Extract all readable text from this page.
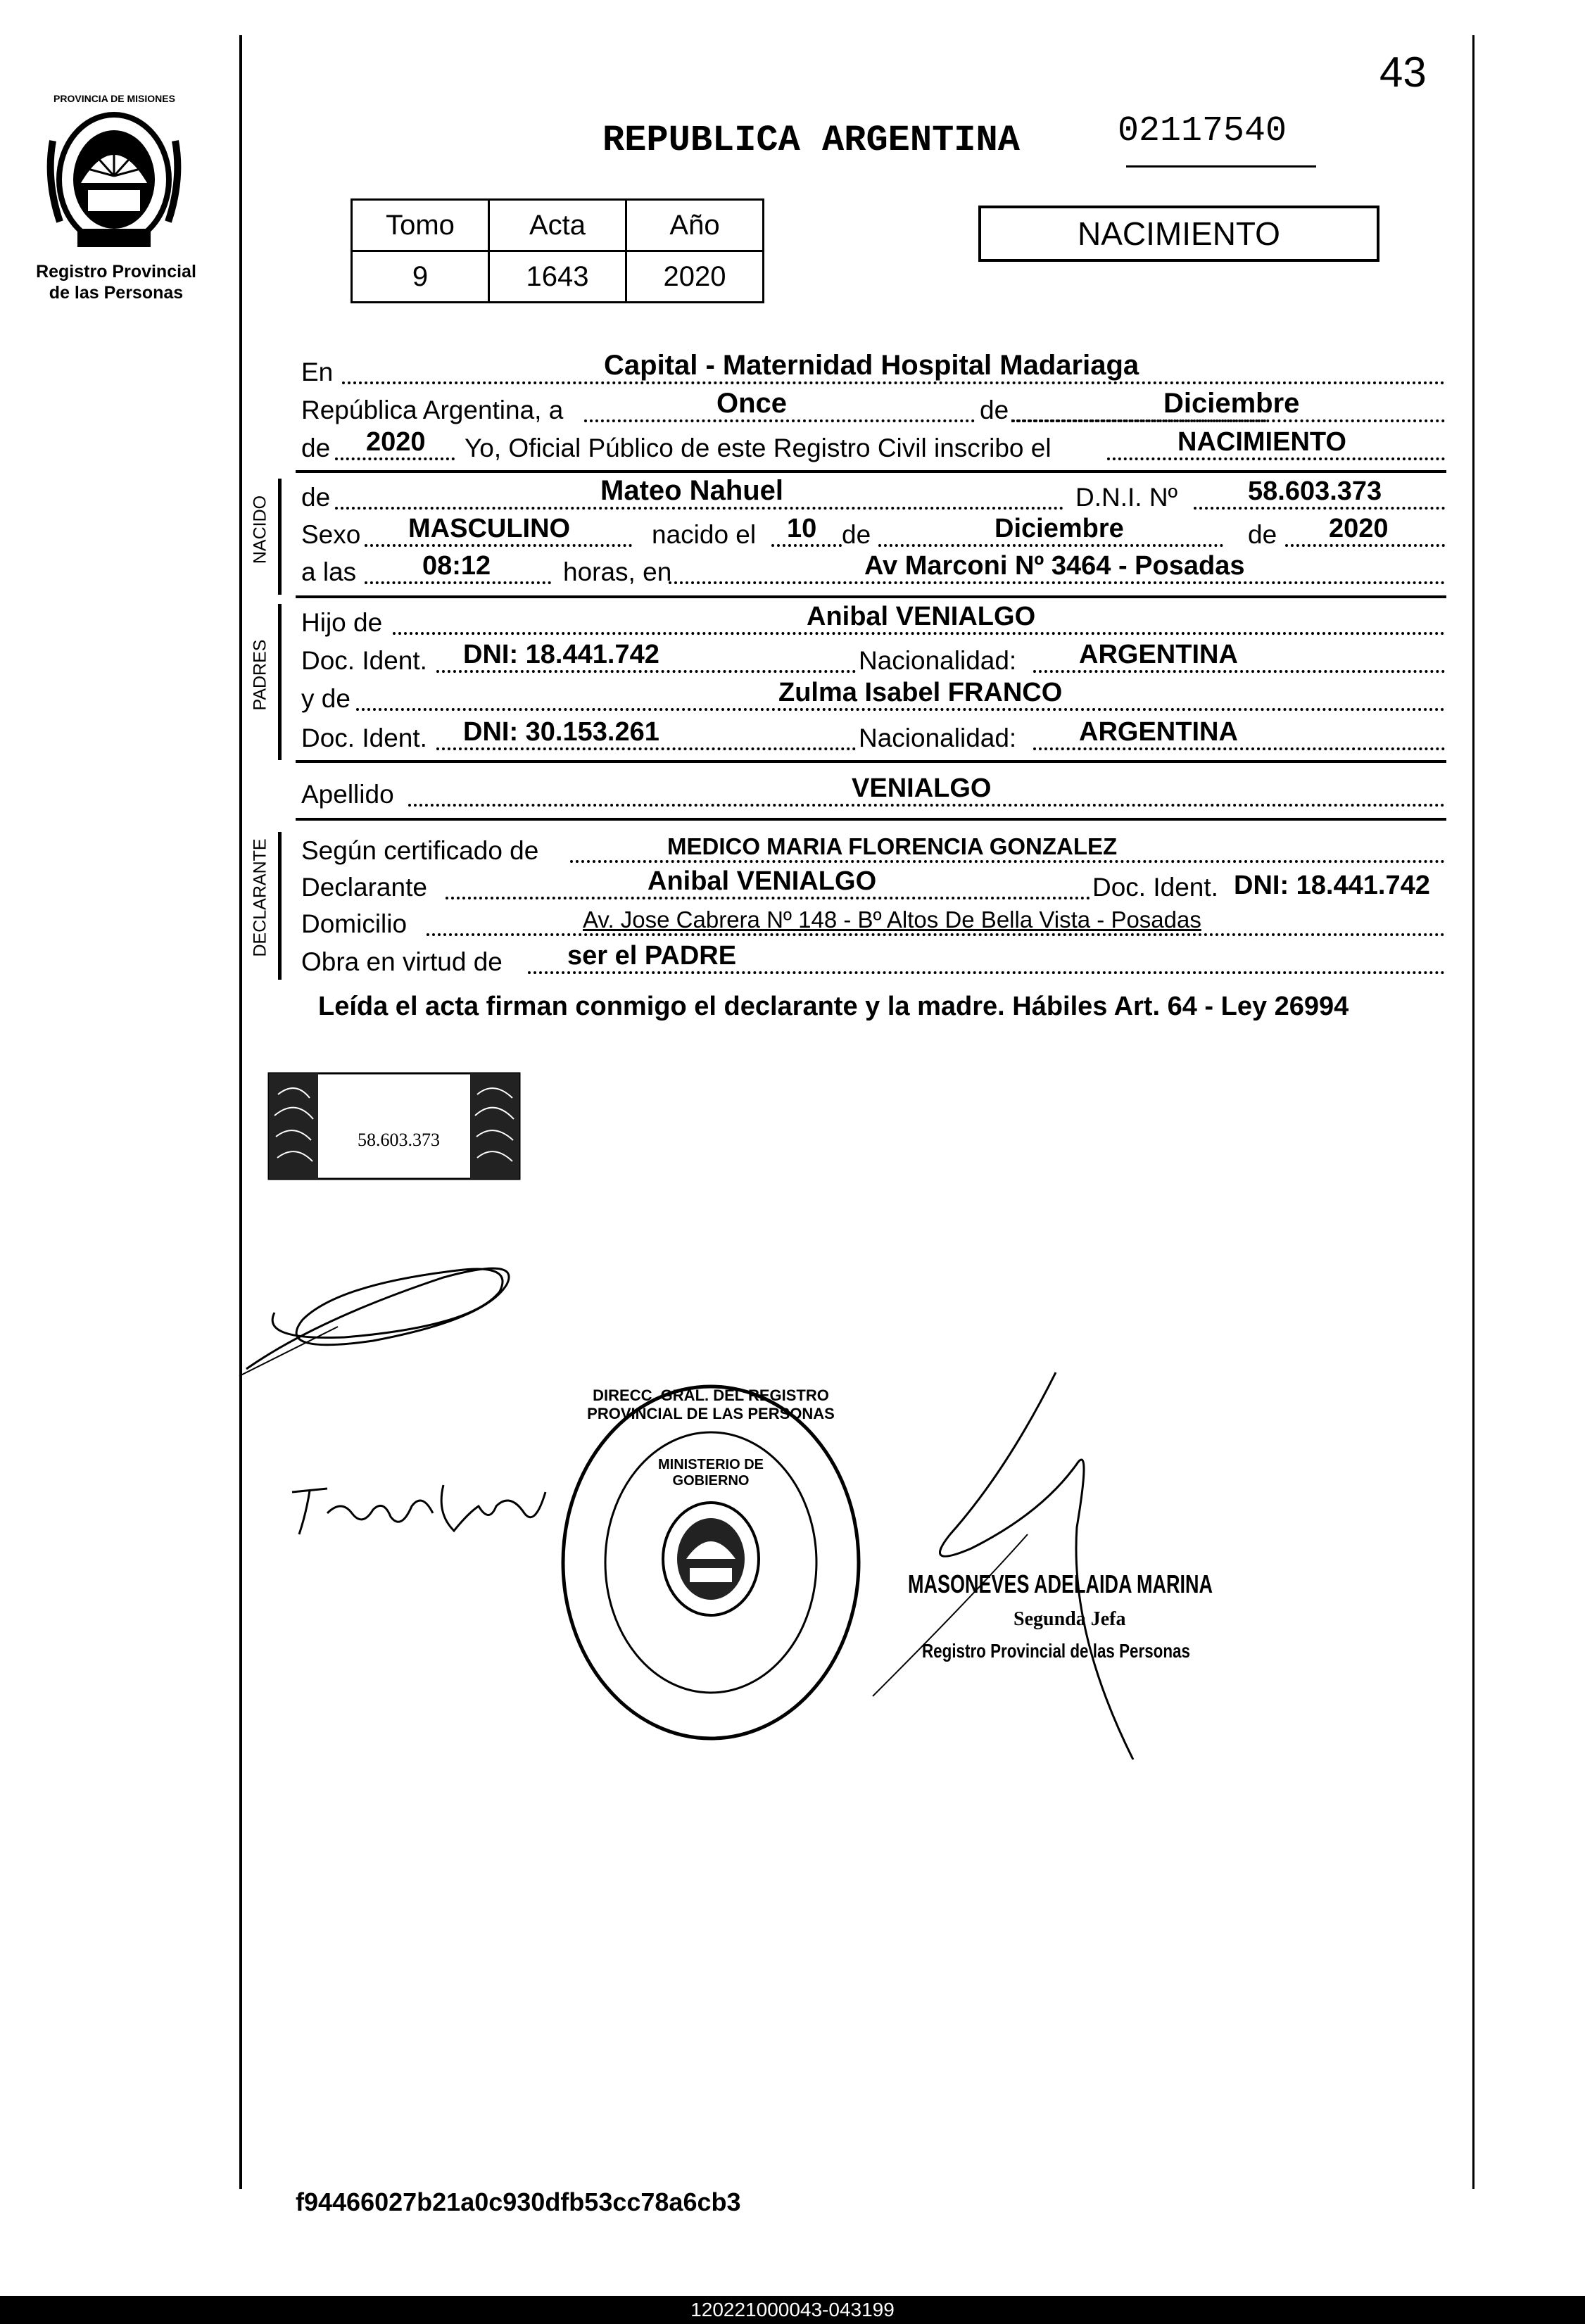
PROVINCIA DE MISIONES
Registro Provincial
de las Personas
43
REPUBLICA ARGENTINA	02117540
Tomo	Acta	Año
9	1643	2020
NACIMIENTO
En	Capital - Maternidad Hospital Madariaga
República Argentina, a	Once	de	Diciembre
de 2020 Yo, Oficial Público de este Registro Civil inscribo el	NACIMIENTO
NACIDO de	Mateo Nahuel	D.N.I. Nº	58.603.373
Sexo MASCULINO	nacido el 10 de	Diciembre	de 2020
a las 08:12	horas, en	Av Marconi Nº 3464 - Posadas
PADRES
Hijo de	Anibal VENIALGO
Doc. Ident. DNI: 18.441.742	Nacionalidad: ARGENTINA
y de	Zulma Isabel FRANCO
Doc. Ident. DNI: 30.153.261	Nacionalidad: ARGENTINA
Apellido	VENIALGO
DECLARANTE Según certificado de	MEDICO MARIA FLORENCIA GONZALEZ
Declarante	Anibal VENIALGO	Doc. Ident. DNI: 18.441.742
Domicilio	Av. Jose Cabrera Nº 148 - Bº Altos De Bella Vista - Posadas
Obra en virtud de ser el PADRE
Leída el acta firman conmigo el declarante y la madre. Hábiles Art. 64 - Ley 26994
58.603.373
DIRECC. GRAL. DEL REGISTRO PROVINCIAL DE LAS PERSONAS
MINISTERIO DE GOBIERNO
MASONEVES ADELAIDA MARINA
Segunda Jefa
Registro Provincial de las Personas
f94466027b21a0c930dfb53cc78a6cb3
120221000043-043199
